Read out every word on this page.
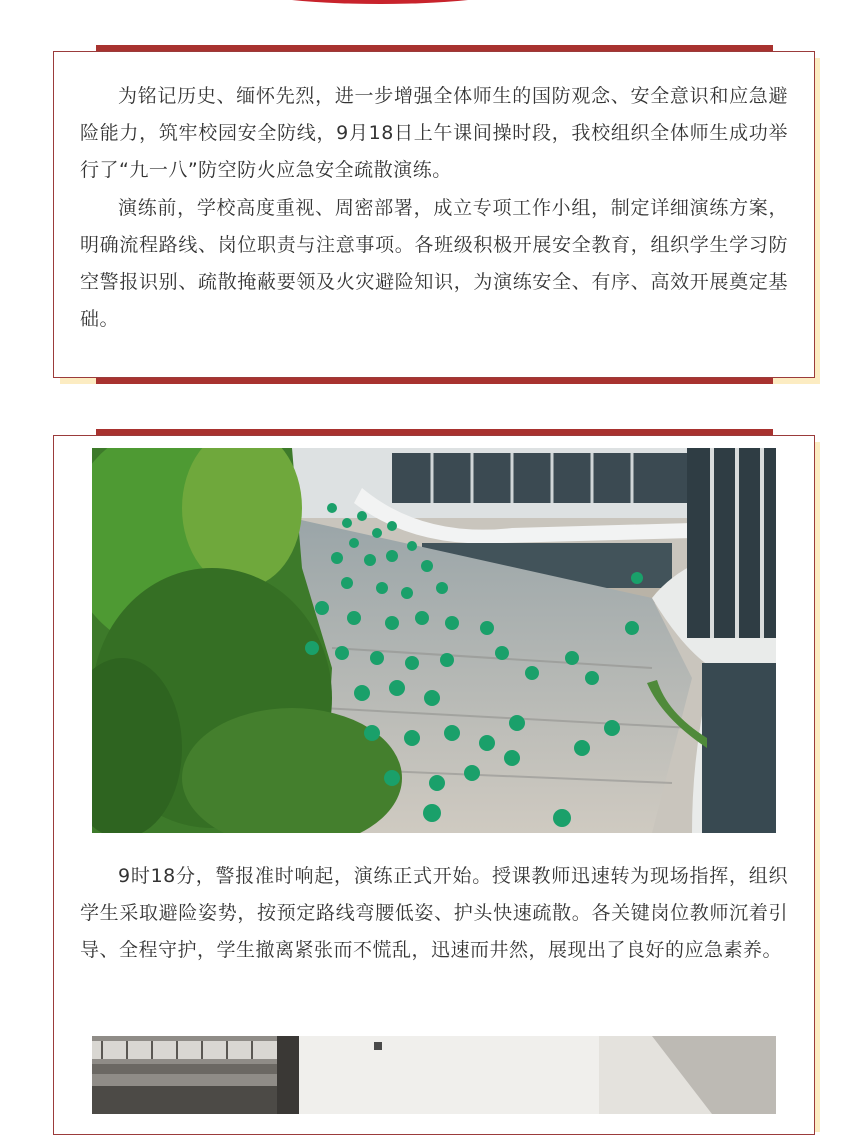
为铭记历史、缅怀先烈，进一步增强全体师生的国防观念、安全意识和应急避险能力，筑牢校园安全防线，9月18日上午课间操时段，我校组织全体师生成功举行了“九一八”防空防火应急安全疏散演练。

演练前，学校高度重视、周密部署，成立专项工作小组，制定详细演练方案，明确流程路线、岗位职责与注意事项。各班级积极开展安全教育，组织学生学习防空警报识别、疏散掩蔽要领及火灾避险知识，为演练安全、有序、高效开展奠定基础。

9时18分，警报准时响起，演练正式开始。授课教师迅速转为现场指挥，组织学生采取避险姿势，按预定路线弯腰低姿、护头快速疏散。各关键岗位教师沉着引导、全程守护，学生撤离紧张而不慌乱，迅速而井然，展现出了良好的应急素养。
